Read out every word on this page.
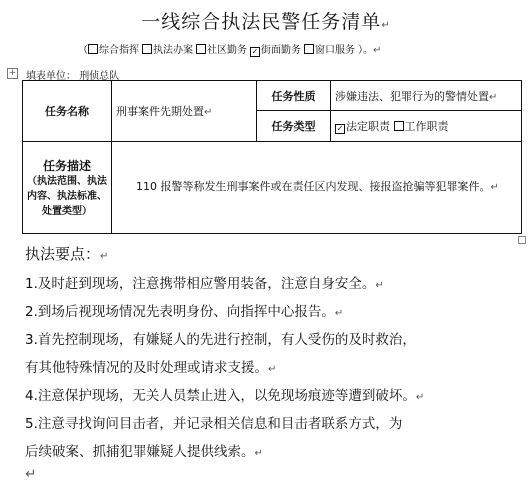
一线综合执法民警任务清单↵
（ 综合指挥 执法办案 社区勤务 ✓ 街面勤务 窗口服务 ）。↵
+ 填表单位： 刑侦总队
任务名称	刑事案件先期处置↵	任务性质	涉嫌违法、犯罪行为的警情处置↵
		任务类型	✓ 法定职责 工作职责

任务描述
（执法范围、执法内容、执法标准、处置类型）	110 报警等称发生刑事案件或在责任区内发现、接报盗抢骗等犯罪案件。↵		
执法要点：↵
1.及时赶到现场，注意携带相应警用装备，注意自身安全。↵
2.到场后视现场情况先表明身份、向指挥中心报告。↵
3.首先控制现场，有嫌疑人的先进行控制，有人受伤的及时救治，
有其他特殊情况的及时处理或请求支援。↵
4.注意保护现场，无关人员禁止进入，以免现场痕迹等遭到破坏。↵
5.注意寻找询问目击者，并记录相关信息和目击者联系方式，为
后续破案、抓捕犯罪嫌疑人提供线索。↵
↵
